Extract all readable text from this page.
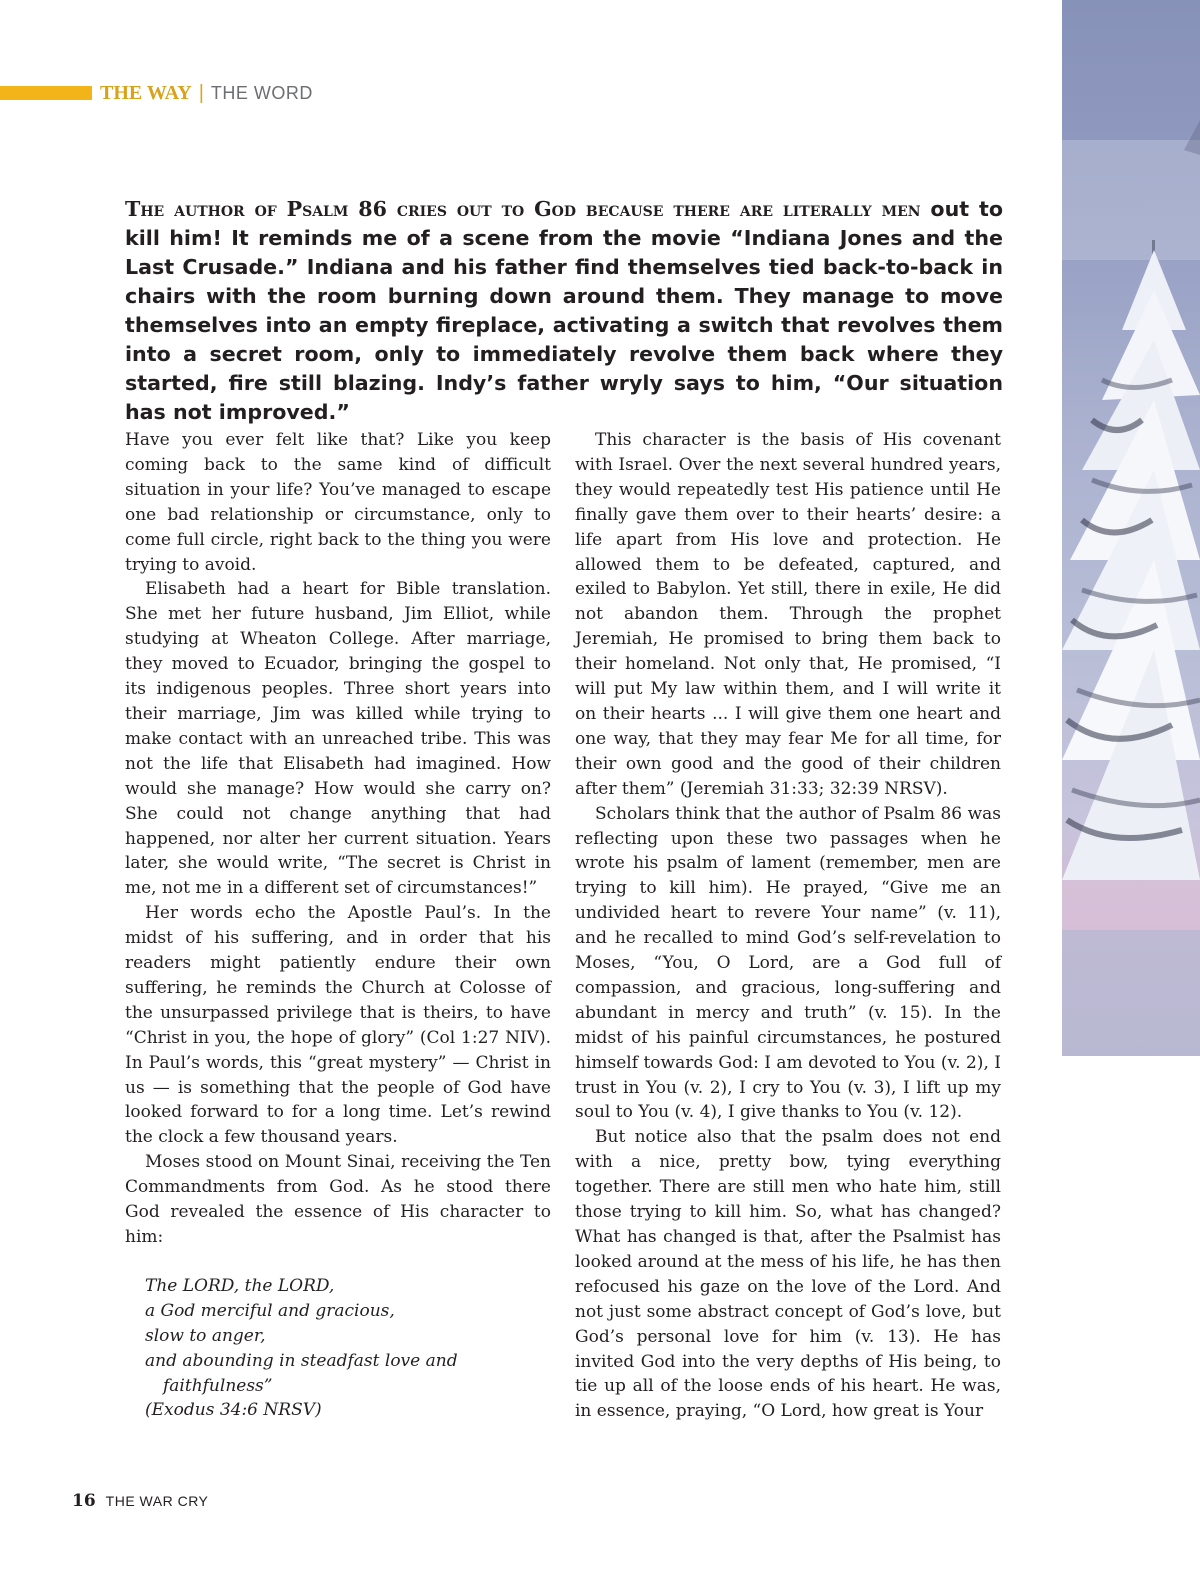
THE WAY | THE WORD

The author of Psalm 86 cries out to God because there are literally men out to kill him! It reminds me of a scene from the movie “Indiana Jones and the Last Crusade.” Indiana and his father find themselves tied back-to-back in chairs with the room burning down around them. They manage to move themselves into an empty fireplace, activating a switch that revolves them into a secret room, only to immediately revolve them back where they started, fire still blazing. Indy’s father wryly says to him, “Our situation has not improved.”

Have you ever felt like that? Like you keep coming back to the same kind of difficult situation in your life? You’ve managed to escape one bad relationship or circumstance, only to come full circle, right back to the thing you were trying to avoid.

Elisabeth had a heart for Bible translation. She met her future husband, Jim Elliot, while studying at Wheaton College. After marriage, they moved to Ecuador, bringing the gospel to its indigenous peoples. Three short years into their marriage, Jim was killed while trying to make contact with an unreached tribe. This was not the life that Elisabeth had imagined. How would she manage? How would she carry on? She could not change anything that had happened, nor alter her current situation. Years later, she would write, “The secret is Christ in me, not me in a different set of circumstances!”

Her words echo the Apostle Paul’s. In the midst of his suffering, and in order that his readers might patiently endure their own suffering, he reminds the Church at Colosse of the unsurpassed privilege that is theirs, to have “Christ in you, the hope of glory” (Col 1:27 NIV). In Paul’s words, this “great mystery” — Christ in us — is something that the people of God have looked forward to for a long time. Let’s rewind the clock a few thousand years.

Moses stood on Mount Sinai, receiving the Ten Commandments from God. As he stood there God revealed the essence of His character to him:

The LORD, the LORD,
a God merciful and gracious,
slow to anger,
and abounding in steadfast love and
faithfulness”
(Exodus 34:6 NRSV)

This character is the basis of His covenant with Israel. Over the next several hundred years, they would repeatedly test His patience until He finally gave them over to their hearts’ desire: a life apart from His love and protection. He allowed them to be defeated, captured, and exiled to Babylon. Yet still, there in exile, He did not abandon them. Through the prophet Jeremiah, He promised to bring them back to their homeland. Not only that, He promised, “I will put My law within them, and I will write it on their hearts ... I will give them one heart and one way, that they may fear Me for all time, for their own good and the good of their children after them” (Jeremiah 31:33; 32:39 NRSV).

Scholars think that the author of Psalm 86 was reflecting upon these two passages when he wrote his psalm of lament (remember, men are trying to kill him). He prayed, “Give me an undivided heart to revere Your name” (v. 11), and he recalled to mind God’s self-revelation to Moses, “You, O Lord, are a God full of compassion, and gracious, long-suffering and abundant in mercy and truth” (v. 15). In the midst of his painful circumstances, he postured himself towards God: I am devoted to You (v. 2), I trust in You (v. 2), I cry to You (v. 3), I lift up my soul to You (v. 4), I give thanks to You (v. 12).

But notice also that the psalm does not end with a nice, pretty bow, tying everything together. There are still men who hate him, still those trying to kill him. So, what has changed? What has changed is that, after the Psalmist has looked around at the mess of his life, he has then refocused his gaze on the love of the Lord. And not just some abstract concept of God’s love, but God’s personal love for him (v. 13). He has invited God into the very depths of His being, to tie up all of the loose ends of his heart. He was, in essence, praying, “O Lord, how great is Your

16 THE WAR CRY
